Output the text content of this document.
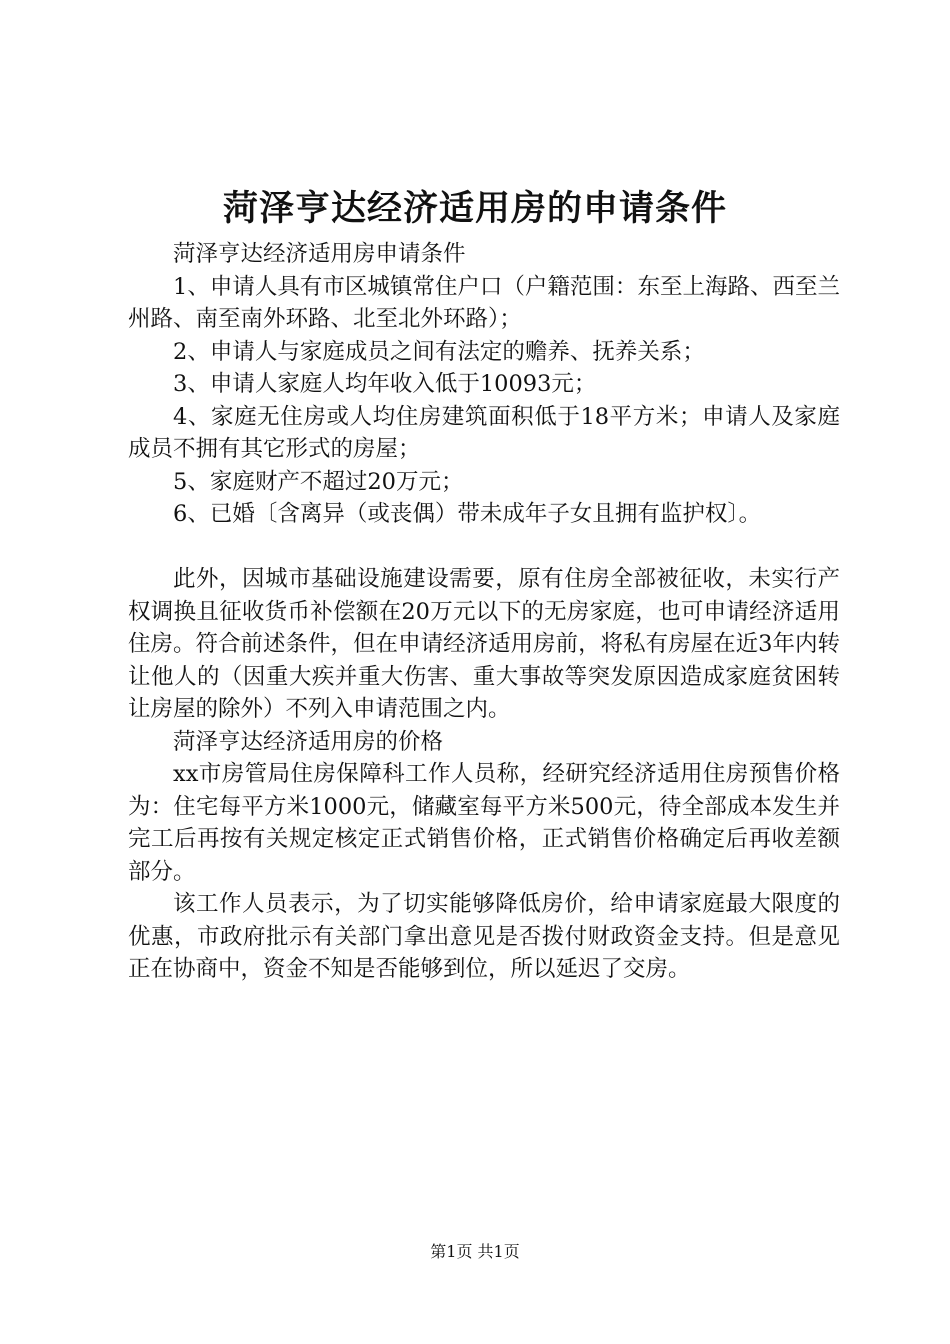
菏泽亨达经济适用房的申请条件

菏泽亨达经济适用房申请条件

1、申请人具有市区城镇常住户口（户籍范围：东至上海路、西至兰州路、南至南外环路、北至北外环路）；

2、申请人与家庭成员之间有法定的赡养、抚养关系；

3、申请人家庭人均年收入低于10093元；

4、家庭无住房或人均住房建筑面积低于18平方米；申请人及家庭成员不拥有其它形式的房屋；

5、家庭财产不超过20万元；

6、已婚〔含离异（或丧偶）带未成年子女且拥有监护权〕。

此外，因城市基础设施建设需要，原有住房全部被征收，未实行产权调换且征收货币补偿额在20万元以下的无房家庭，也可申请经济适用住房。符合前述条件，但在申请经济适用房前，将私有房屋在近3年内转让他人的（因重大疾并重大伤害、重大事故等突发原因造成家庭贫困转让房屋的除外）不列入申请范围之内。

菏泽亨达经济适用房的价格

xx市房管局住房保障科工作人员称，经研究经济适用住房预售价格为：住宅每平方米1000元，储藏室每平方米500元，待全部成本发生并完工后再按有关规定核定正式销售价格，正式销售价格确定后再收差额部分。

该工作人员表示，为了切实能够降低房价，给申请家庭最大限度的优惠，市政府批示有关部门拿出意见是否拨付财政资金支持。但是意见正在协商中，资金不知是否能够到位，所以延迟了交房。

第1页 共1页
